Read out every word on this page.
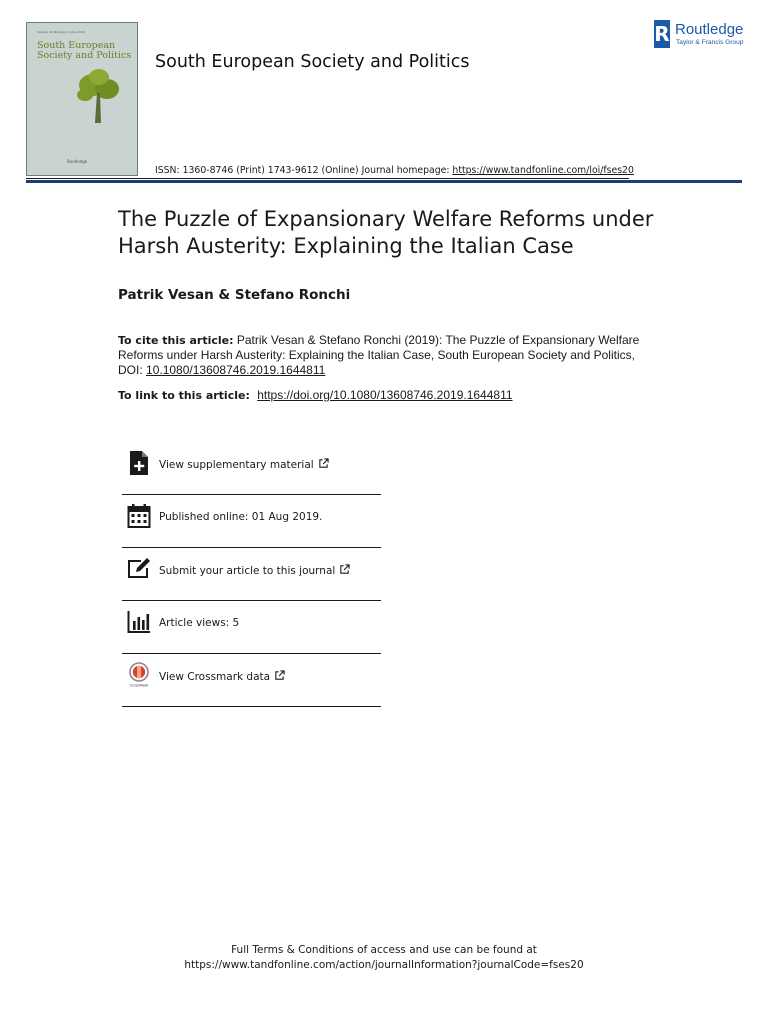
Volume 24 Number 2 June 2019
South European
Society and Politics
Routledge
South European Society and Politics
R Routledge
Taylor & Francis Group
ISSN: 1360-8746 (Print) 1743-9612 (Online) Journal homepage: https://www.tandfonline.com/loi/fses20
The Puzzle of Expansionary Welfare Reforms under Harsh Austerity: Explaining the Italian Case
Patrik Vesan & Stefano Ronchi
To cite this article: Patrik Vesan & Stefano Ronchi (2019): The Puzzle of Expansionary Welfare Reforms under Harsh Austerity: Explaining the Italian Case, South European Society and Politics, DOI: 10.1080/13608746.2019.1644811
To link to this article: https://doi.org/10.1080/13608746.2019.1644811
View supplementary material
Published online: 01 Aug 2019.
Submit your article to this journal
Article views: 5
CrossMark
View Crossmark data
Full Terms & Conditions of access and use can be found at
https://www.tandfonline.com/action/journalInformation?journalCode=fses20
